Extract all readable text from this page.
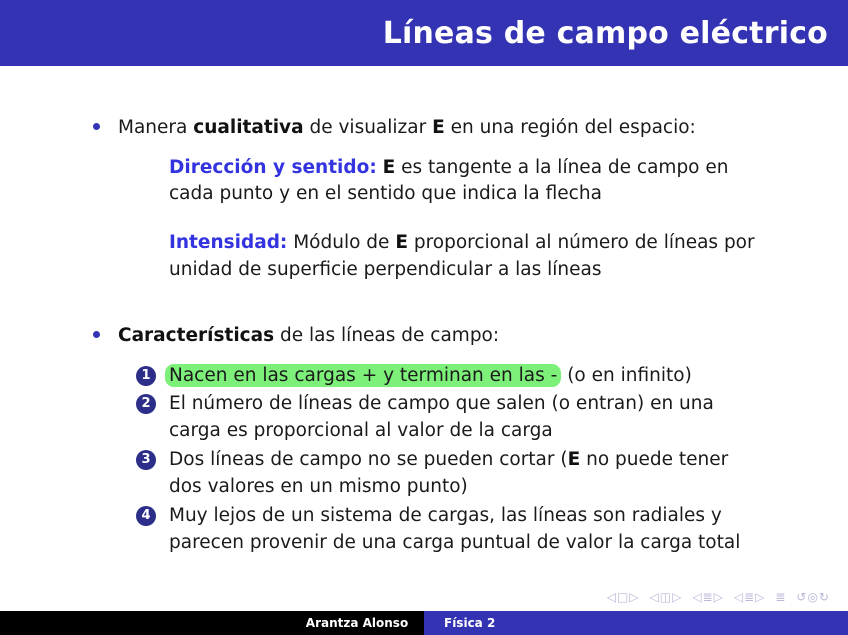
Líneas de campo eléctrico
Manera cualitativa de visualizar E en una región del espacio:
Dirección y sentido: E es tangente a la línea de campo en
cada punto y en el sentido que indica la flecha
Intensidad: Módulo de E proporcional al número de líneas por
unidad de superficie perpendicular a las líneas
Características de las líneas de campo:
1 Nacen en las cargas + y terminan en las - (o en infinito)
2 El número de líneas de campo que salen (o entran) en una
carga es proporcional al valor de la carga
3 Dos líneas de campo no se pueden cortar (E no puede tener
dos valores en un mismo punto)
4 Muy lejos de un sistema de cargas, las líneas son radiales y
parecen provenir de una carga puntual de valor la carga total
◁□▷ ◁◫▷ ◁≣▷ ◁≣▷ ≣ ↺◎↻
Arantza Alonso	Física 2
